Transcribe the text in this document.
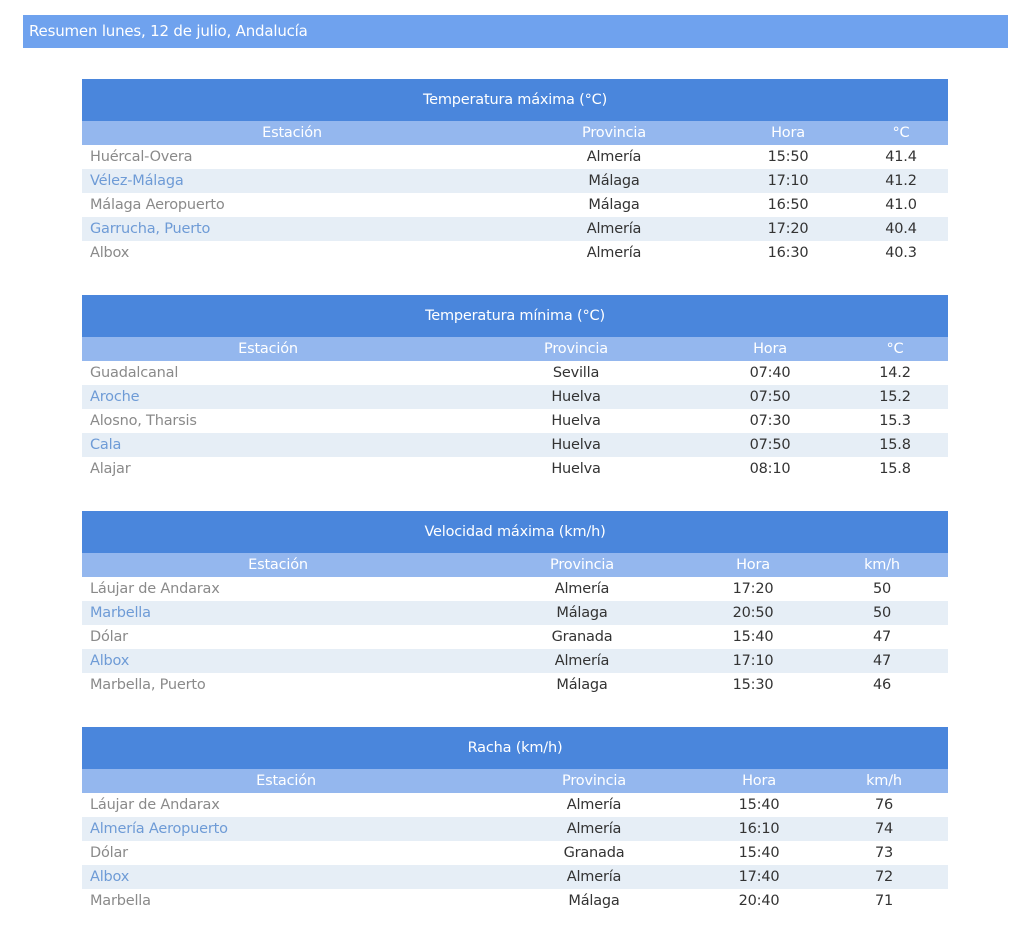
Resumen lunes, 12 de julio, Andalucía
Temperatura máxima (°C)
Estación	Provincia	Hora	°C
Huércal-Overa	Almería	15:50	41.4
Vélez-Málaga	Málaga	17:10	41.2
Málaga Aeropuerto	Málaga	16:50	41.0
Garrucha, Puerto	Almería	17:20	40.4
Albox	Almería	16:30	40.3
Temperatura mínima (°C)
Estación	Provincia	Hora	°C
Guadalcanal	Sevilla	07:40	14.2
Aroche	Huelva	07:50	15.2
Alosno, Tharsis	Huelva	07:30	15.3
Cala	Huelva	07:50	15.8
Alajar	Huelva	08:10	15.8
Velocidad máxima (km/h)
Estación	Provincia	Hora	km/h
Láujar de Andarax	Almería	17:20	50
Marbella	Málaga	20:50	50
Dólar	Granada	15:40	47
Albox	Almería	17:10	47
Marbella, Puerto	Málaga	15:30	46
Racha (km/h)
Estación	Provincia	Hora	km/h
Láujar de Andarax	Almería	15:40	76
Almería Aeropuerto	Almería	16:10	74
Dólar	Granada	15:40	73
Albox	Almería	17:40	72
Marbella	Málaga	20:40	71
